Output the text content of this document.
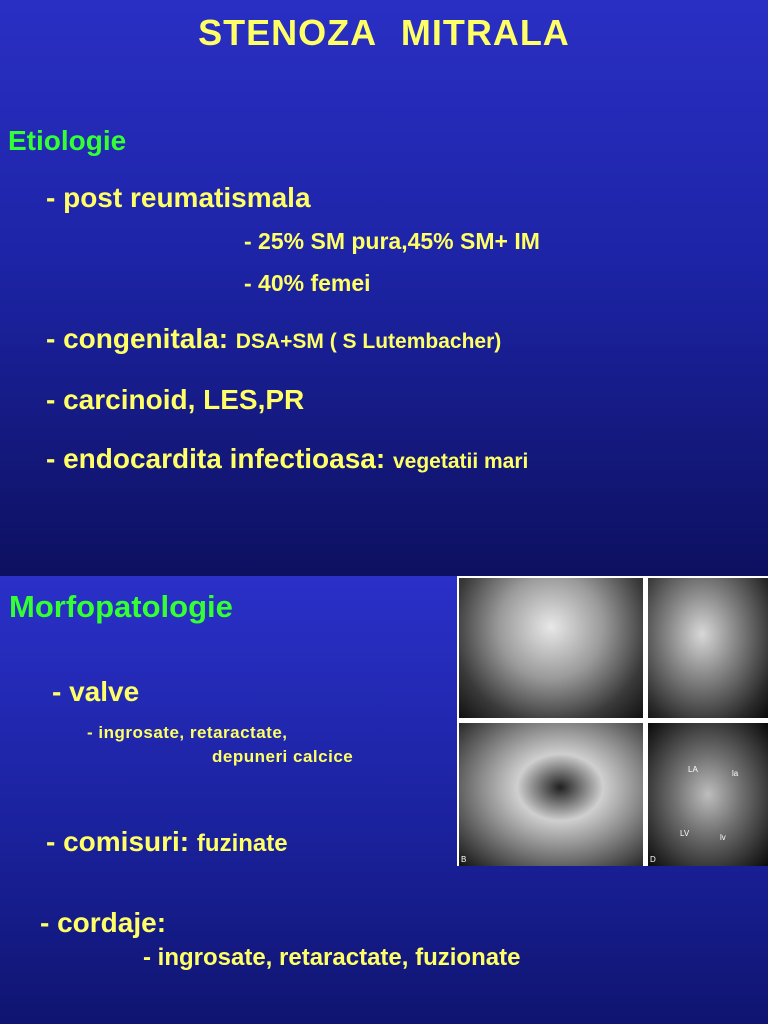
STENOZA MITRALA
Etiologie
- post reumatismala
- 25% SM pura,45% SM+ IM
- 40% femei
- congenitala: DSA+SM ( S Lutembacher)
- carcinoid, LES,PR
- endocardita infectioasa: vegetatii mari
Morfopatologie
- valve
- ingrosate, retaractate,
depuneri calcice
- comisuri: fuzinate
- cordaje:
- ingrosate, retaractate, fuzionate
B	D
LA	la
LV	lv
